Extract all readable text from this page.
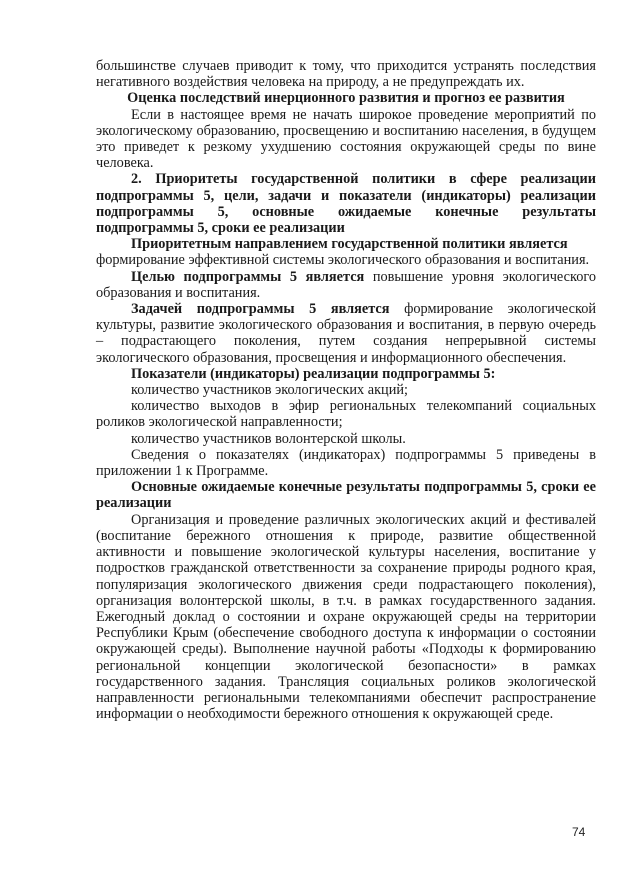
большинстве случаев приводит к тому, что приходится устранять последствия негативного воздействия человека на природу, а не предупреждать их.

Оценка последствий инерционного развития и прогноз ее развития

Если в настоящее время не начать широкое проведение мероприятий по экологическому образованию, просвещению и воспитанию населения, в будущем это приведет к резкому ухудшению состояния окружающей среды по вине человека.

2. Приоритеты государственной политики в сфере реализации подпрограммы 5, цели, задачи и показатели (индикаторы) реализации подпрограммы 5, основные ожидаемые конечные результаты подпрограммы 5, сроки ее реализации

Приоритетным направлением государственной политики является

формирование эффективной системы экологического образования и воспитания.

Целью подпрограммы 5 является повышение уровня экологического образования и воспитания.

Задачей подпрограммы 5 является формирование экологической культуры, развитие экологического образования и воспитания, в первую очередь – подрастающего поколения, путем создания непрерывной системы экологического образования, просвещения и информационного обеспечения.

Показатели (индикаторы) реализации подпрограммы 5:

количество участников экологических акций;

количество выходов в эфир региональных телекомпаний социальных роликов экологической направленности;

количество участников волонтерской школы.

Сведения о показателях (индикаторах) подпрограммы 5 приведены в приложении 1 к Программе.

Основные ожидаемые конечные результаты подпрограммы 5, сроки ее реализации

Организация и проведение различных экологических акций и фестивалей (воспитание бережного отношения к природе, развитие общественной активности и повышение экологической культуры населения, воспитание у подростков гражданской ответственности за сохранение природы родного края, популяризация экологического движения среди подрастающего поколения), организация волонтерской школы, в т.ч. в рамках государственного задания. Ежегодный доклад о состоянии и охране окружающей среды на территории Республики Крым (обеспечение свободного доступа к информации о состоянии окружающей среды). Выполнение научной работы «Подходы к формированию региональной концепции экологической безопасности» в рамках государственного задания. Трансляция социальных роликов экологической направленности региональными телекомпаниями обеспечит распространение информации о необходимости бережного отношения к окружающей среде.

74
